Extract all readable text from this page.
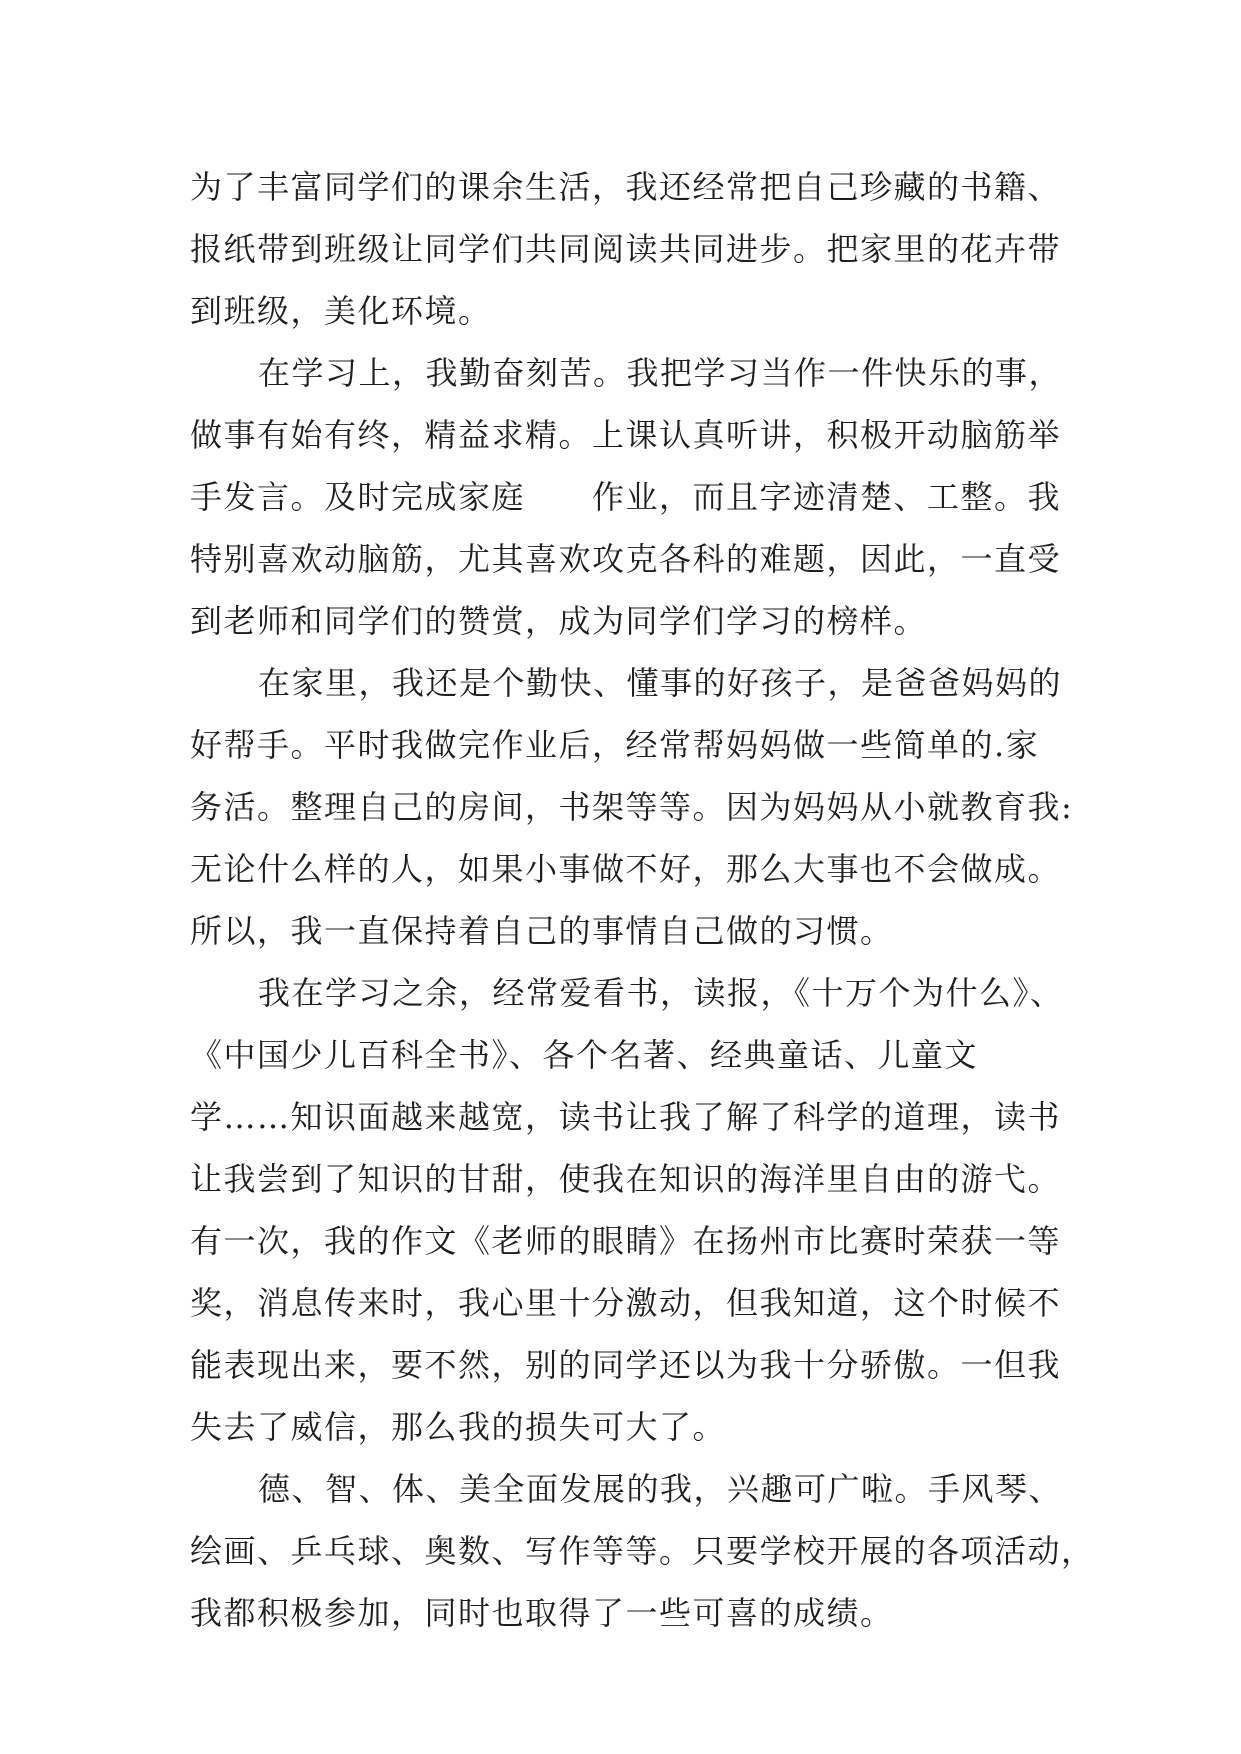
为了丰富同学们的课余生活，我还经常把自己珍藏的书籍、
报纸带到班级让同学们共同阅读共同进步。把家里的花卉带
到班级，美化环境。
在学习上，我勤奋刻苦。我把学习当作一件快乐的事，
做事有始有终，精益求精。上课认真听讲，积极开动脑筋举
手发言。及时完成家庭　　作业，而且字迹清楚、工整。我
特别喜欢动脑筋，尤其喜欢攻克各科的难题，因此，一直受
到老师和同学们的赞赏，成为同学们学习的榜样。
在家里，我还是个勤快、懂事的好孩子，是爸爸妈妈的
好帮手。平时我做完作业后，经常帮妈妈做一些简单的.家
务活。整理自己的房间，书架等等。因为妈妈从小就教育我:
无论什么样的人，如果小事做不好，那么大事也不会做成。
所以，我一直保持着自己的事情自己做的习惯。
我在学习之余，经常爱看书，读报，《十万个为什么》、
《中国少儿百科全书》、各个名著、经典童话、儿童文
学……知识面越来越宽，读书让我了解了科学的道理，读书
让我尝到了知识的甘甜，使我在知识的海洋里自由的游弋。
有一次，我的作文《老师的眼睛》在扬州市比赛时荣获一等
奖，消息传来时，我心里十分激动，但我知道，这个时候不
能表现出来，要不然，别的同学还以为我十分骄傲。一但我
失去了威信，那么我的损失可大了。
德、智、体、美全面发展的我，兴趣可广啦。手风琴、
绘画、乒乓球、奥数、写作等等。只要学校开展的各项活动，
我都积极参加，同时也取得了一些可喜的成绩。
